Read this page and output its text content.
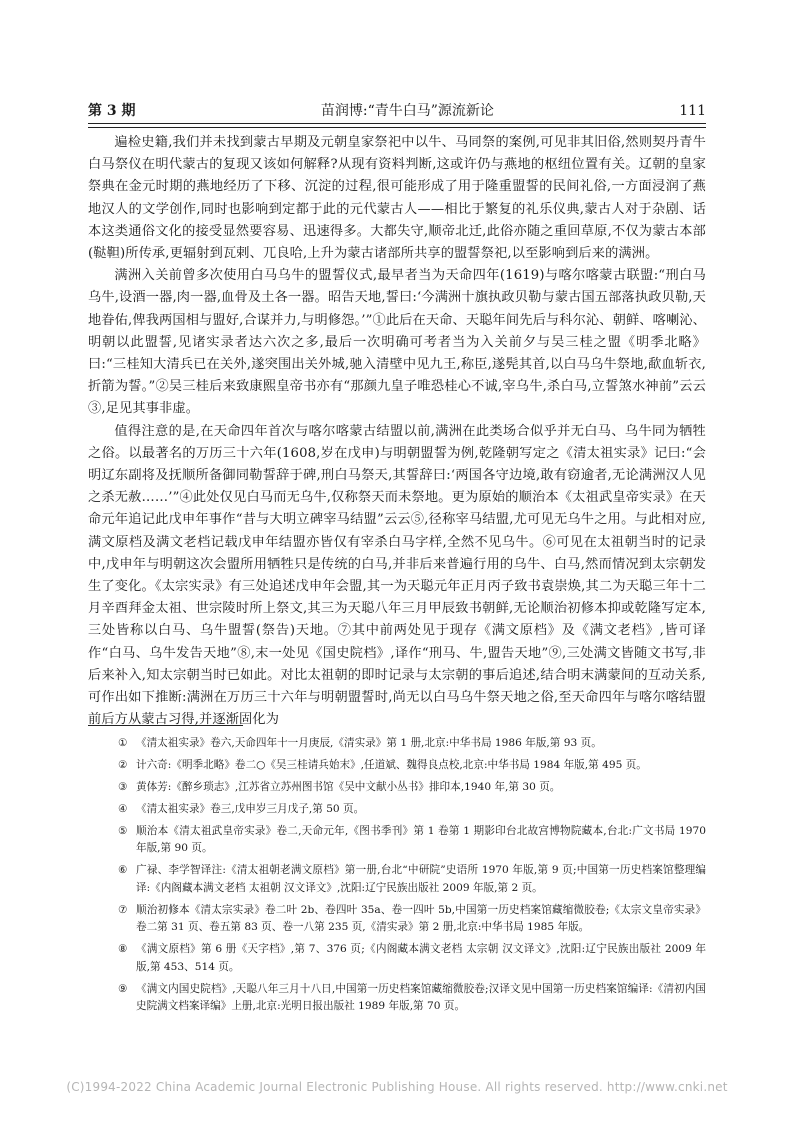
第 3 期	苗润博:“青牛白马”源流新论	111

遍检史籍,我们并未找到蒙古早期及元朝皇家祭祀中以牛、马同祭的案例,可见非其旧俗,然则契丹青牛白马祭仪在明代蒙古的复现又该如何解释?从现有资料判断,这或许仍与燕地的枢纽位置有关。辽朝的皇家祭典在金元时期的燕地经历了下移、沉淀的过程,很可能形成了用于隆重盟誓的民间礼俗,一方面浸润了燕地汉人的文学创作,同时也影响到定都于此的元代蒙古人——相比于繁复的礼乐仪典,蒙古人对于杂剧、话本这类通俗文化的接受显然要容易、迅速得多。大都失守,顺帝北迁,此俗亦随之重回草原,不仅为蒙古本部(鞑靼)所传承,更辐射到瓦剌、兀良哈,上升为蒙古诸部所共享的盟誓祭祀,以至影响到后来的满洲。

满洲入关前曾多次使用白马乌牛的盟誓仪式,最早者当为天命四年(1619)与喀尔喀蒙古联盟:“刑白马乌牛,设酒一器,肉一器,血骨及土各一器。昭告天地,誓曰:‘今满洲十旗执政贝勒与蒙古国五部落执政贝勒,天地眷佑,俾我两国相与盟好,合谋并力,与明修怨。’”①此后在天命、天聪年间先后与科尔沁、朝鲜、喀喇沁、明朝以此盟誓,见诸实录者达六次之多,最后一次明确可考者当为入关前夕与吴三桂之盟《明季北略》曰:“三桂知大清兵已在关外,遂突围出关外城,驰入清壁中见九王,称臣,遂髡其首,以白马乌牛祭地,歃血斩衣,折箭为誓。”②吴三桂后来致康熙皇帝书亦有“那颜九皇子唯恐桂心不诚,宰乌牛,杀白马,立誓煞水神前”云云③,足见其事非虚。

值得注意的是,在天命四年首次与喀尔喀蒙古结盟以前,满洲在此类场合似乎并无白马、乌牛同为牺牲之俗。以最著名的万历三十六年(1608,岁在戊申)与明朝盟誓为例,乾隆朝写定之《清太祖实录》记曰:“会明辽东副将及抚顺所备御同勒誓辞于碑,刑白马祭天,其誓辞曰:‘两国各守边境,敢有窃逾者,无论满洲汉人见之杀无赦……’”④此处仅见白马而无乌牛,仅称祭天而未祭地。更为原始的顺治本《太祖武皇帝实录》在天命元年追记此戊申年事作“昔与大明立碑宰马结盟”云云⑤,径称宰马结盟,尤可见无乌牛之用。与此相对应,满文原档及满文老档记载戊申年结盟亦皆仅有宰杀白马字样,全然不见乌牛。⑥可见在太祖朝当时的记录中,戊申年与明朝这次会盟所用牺牲只是传统的白马,并非后来普遍行用的乌牛、白马,然而情况到太宗朝发生了变化。《太宗实录》有三处追述戊申年会盟,其一为天聪元年正月丙子致书袁崇焕,其二为天聪三年十二月辛酉拜金太祖、世宗陵时所上祭文,其三为天聪八年三月甲辰致书朝鲜,无论顺治初修本抑或乾隆写定本,三处皆称以白马、乌牛盟誓(祭告)天地。⑦其中前两处见于现存《满文原档》及《满文老档》,皆可译作“白马、乌牛发告天地”⑧,末一处见《国史院档》,译作“刑马、牛,盟告天地”⑨,三处满文皆随文书写,非后来补入,知太宗朝当时已如此。对比太祖朝的即时记录与太宗朝的事后追述,结合明末满蒙间的互动关系,可作出如下推断:满洲在万历三十六年与明朝盟誓时,尚无以白马乌牛祭天地之俗,至天命四年与喀尔喀结盟前后方从蒙古习得,并逐渐固化为

① 《清太祖实录》卷六,天命四年十一月庚辰,《清实录》第 1 册,北京:中华书局 1986 年版,第 93 页。
② 计六奇:《明季北略》卷二○《吴三桂请兵始末》,任道斌、魏得良点校,北京:中华书局 1984 年版,第 495 页。
③ 黄体芳:《醉乡琐志》,江苏省立苏州图书馆《吴中文献小丛书》排印本,1940 年,第 30 页。
④ 《清太祖实录》卷三,戊申岁三月戊子,第 50 页。
⑤ 顺治本《清太祖武皇帝实录》卷二,天命元年,《图书季刊》第 1 卷第 1 期影印台北故宫博物院藏本,台北:广文书局 1970 年版,第 90 页。
⑥ 广禄、李学智译注:《清太祖朝老满文原档》第一册,台北“中研院”史语所 1970 年版,第 9 页;中国第一历史档案馆整理编译:《内阁藏本满文老档 太祖朝 汉文译文》,沈阳:辽宁民族出版社 2009 年版,第 2 页。
⑦ 顺治初修本《清太宗实录》卷二叶 2b、卷四叶 35a、卷一四叶 5b,中国第一历史档案馆藏缩微胶卷;《太宗文皇帝实录》卷二第 31 页、卷五第 83 页、卷一八第 235 页,《清实录》第 2 册,北京:中华书局 1985 年版。
⑧ 《满文原档》第 6 册《天字档》,第 7、376 页;《内阁藏本满文老档 太宗朝 汉文译文》,沈阳:辽宁民族出版社 2009 年版,第 453、514 页。
⑨ 《满文内国史院档》,天聪八年三月十八日,中国第一历史档案馆藏缩微胶卷;汉译文见中国第一历史档案馆编译:《清初内国史院满文档案译编》上册,北京:光明日报出版社 1989 年版,第 70 页。
(C)1994-2022 China Academic Journal Electronic Publishing House. All rights reserved. http://www.cnki.net
